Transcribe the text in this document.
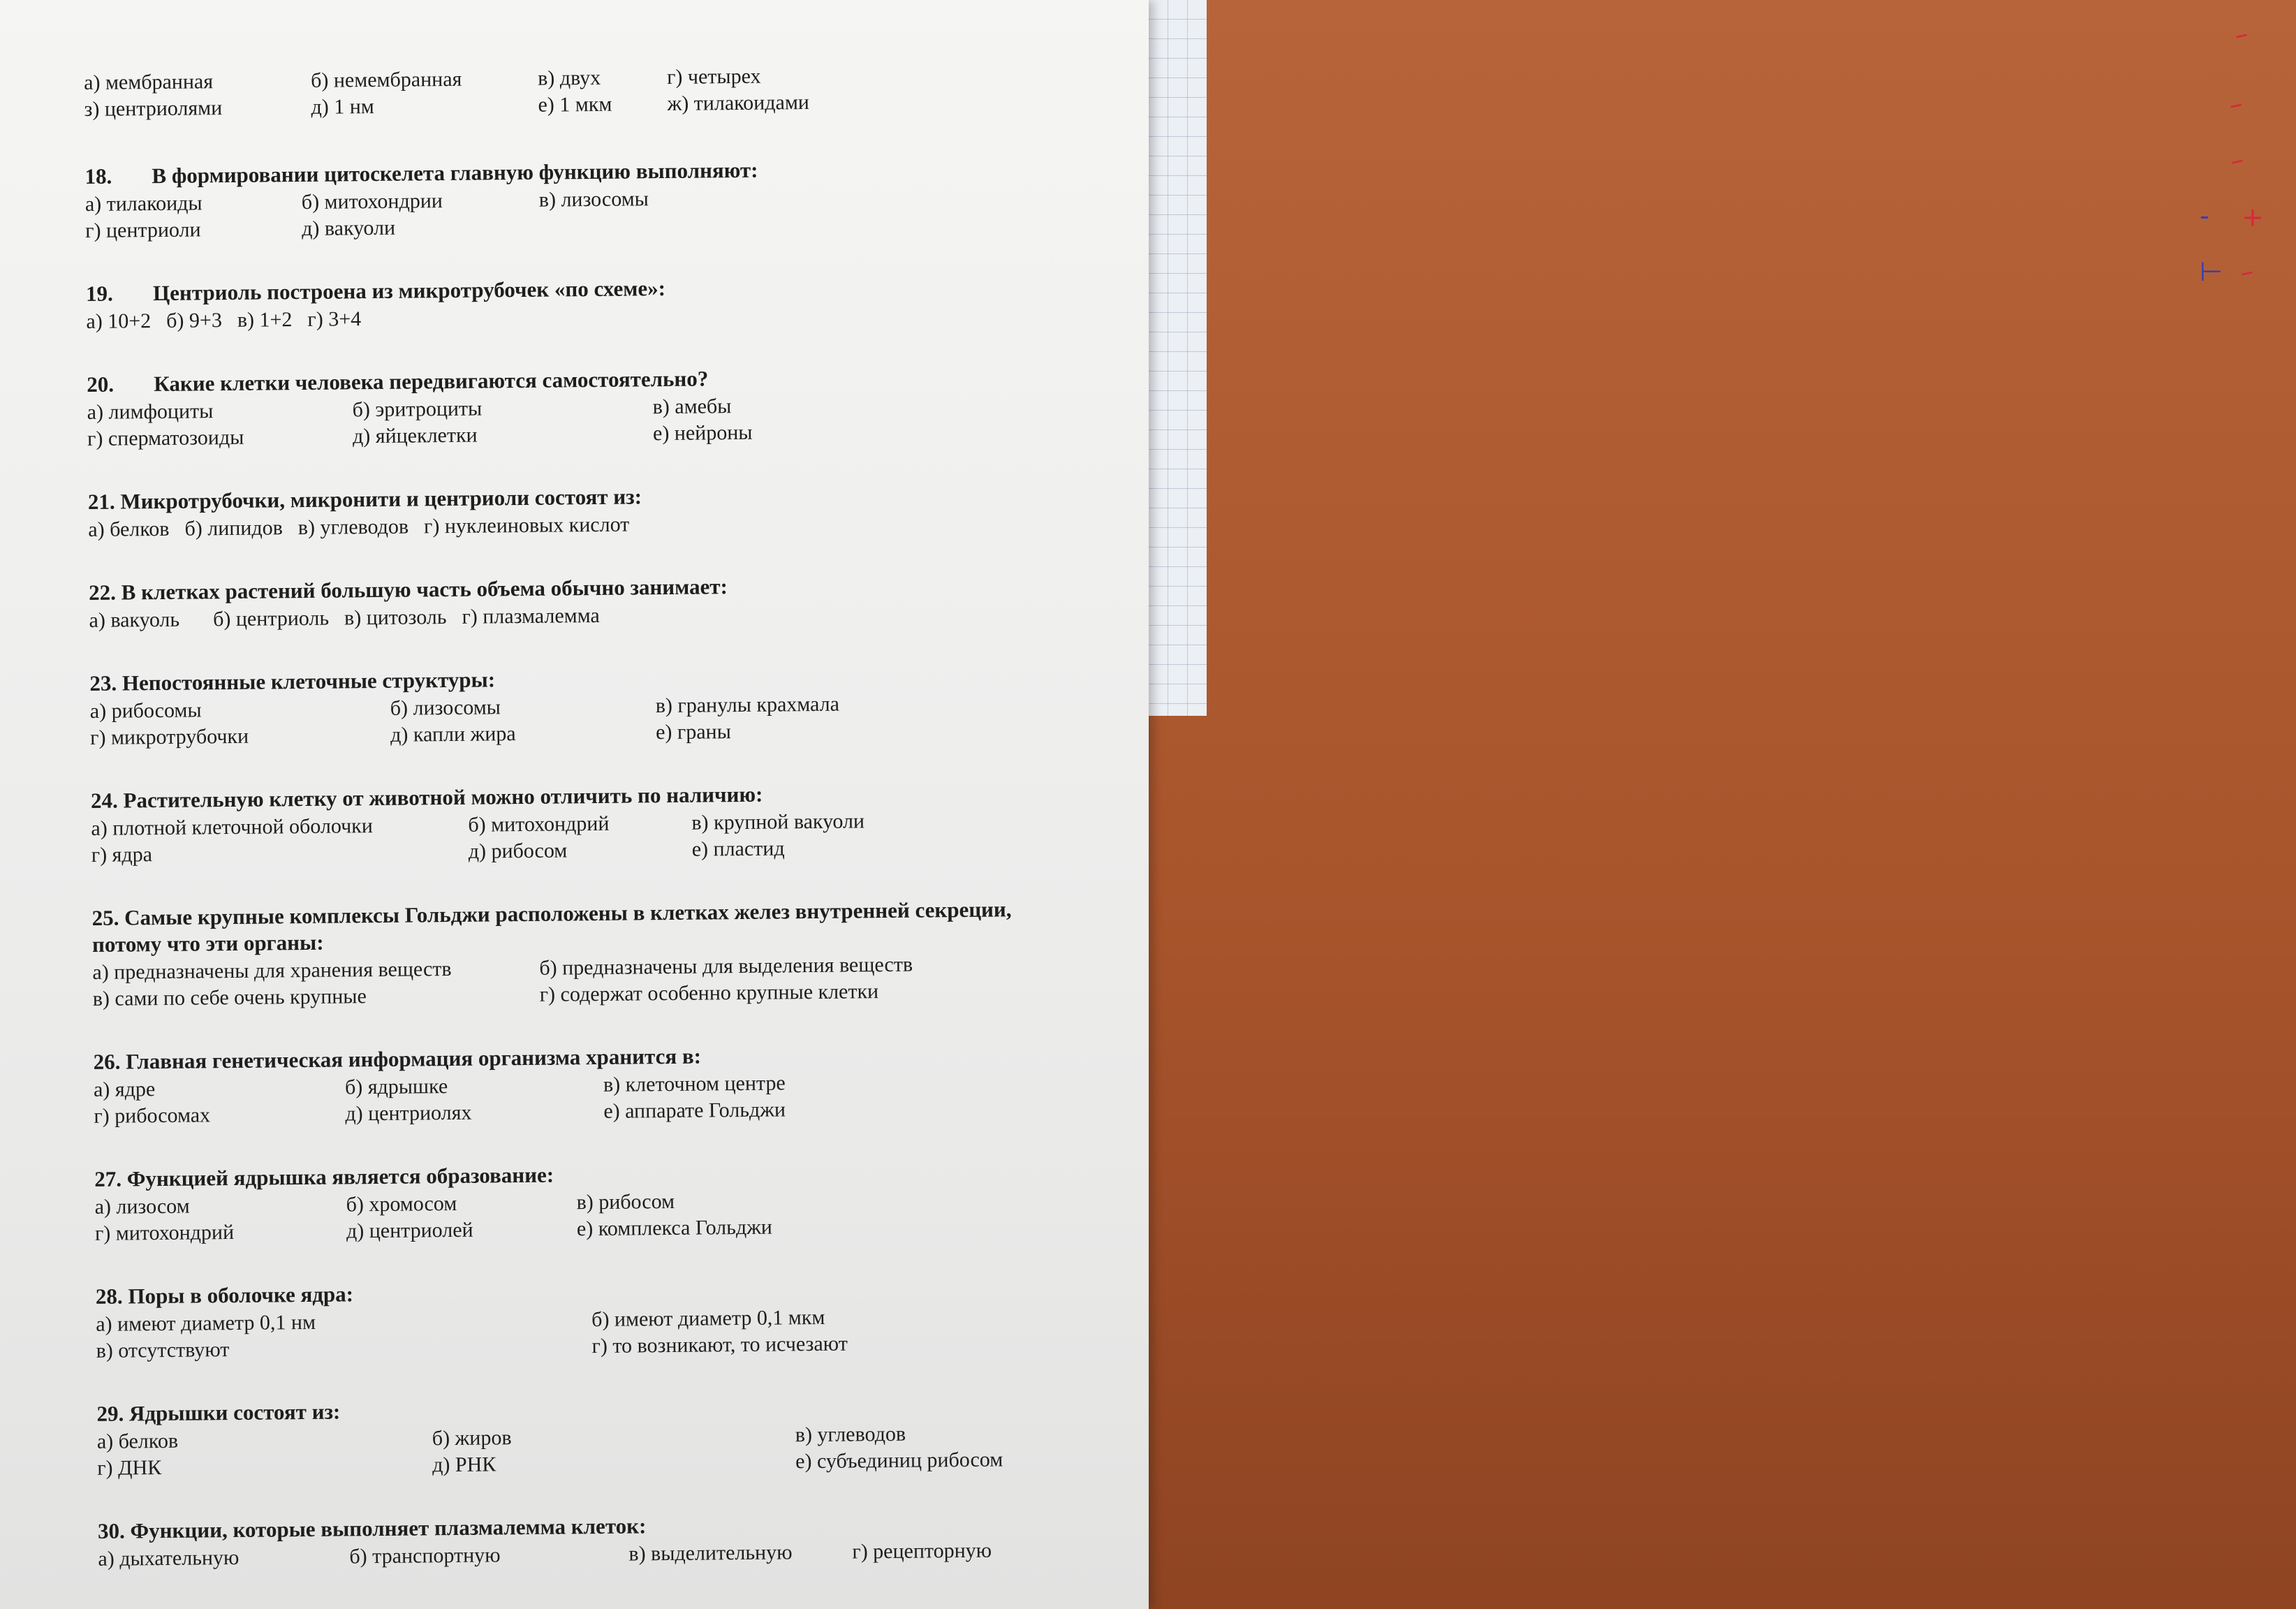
–
–
–
- +
⊢ –
а) мембранная	б) немембранная	в) двух	г) четырех
з) центриолями	д) 1 нм	е) 1 мкм	ж) тилакоидами
18. В формировании цитоскелета главную функцию выполняют:
а) тилакоиды	б) митохондрии	в) лизосомы
г) центриоли	д) вакуоли
19. Центриоль построена из микротрубочек «по схеме»:
а) 10+2 б) 9+3 в) 1+2 г) 3+4
20. Какие клетки человека передвигаются самостоятельно?
а) лимфоциты	б) эритроциты	в) амебы
г) сперматозоиды	д) яйцеклетки	е) нейроны
21. Микротрубочки, микронити и центриоли состоят из:
а) белков б) липидов в) углеводов г) нуклеиновых кислот
22. В клетках растений большую часть объема обычно занимает:
а) вакуоль б) центриоль в) цитозоль г) плазмалемма
23. Непостоянные клеточные структуры:
а) рибосомы	б) лизосомы	в) гранулы крахмала
г) микротрубочки	д) капли жира	е) граны
24. Растительную клетку от животной можно отличить по наличию:
а) плотной клеточной оболочки	б) митохондрий	в) крупной вакуоли
г) ядра	д) рибосом	е) пластид
25. Самые крупные комплексы Гольджи расположены в клетках желез внутренней секреции, потому что эти органы:
а) предназначены для хранения веществ	б) предназначены для выделения веществ
в) сами по себе очень крупные	г) содержат особенно крупные клетки
26. Главная генетическая информация организма хранится в:
а) ядре	б) ядрышке	в) клеточном центре
г) рибосомах	д) центриолях	е) аппарате Гольджи
27. Функцией ядрышка является образование:
а) лизосом	б) хромосом	в) рибосом
г) митохондрий	д) центриолей	е) комплекса Гольджи
28. Поры в оболочке ядра:
а) имеют диаметр 0,1 нм	б) имеют диаметр 0,1 мкм
в) отсутствуют	г) то возникают, то исчезают
29. Ядрышки состоят из:
а) белков	б) жиров	в) углеводов
г) ДНК	д) РНК	е) субъединиц рибосом
30. Функции, которые выполняет плазмалемма клеток:
а) дыхательную	б) транспортную	в) выделительную	г) рецепторную
